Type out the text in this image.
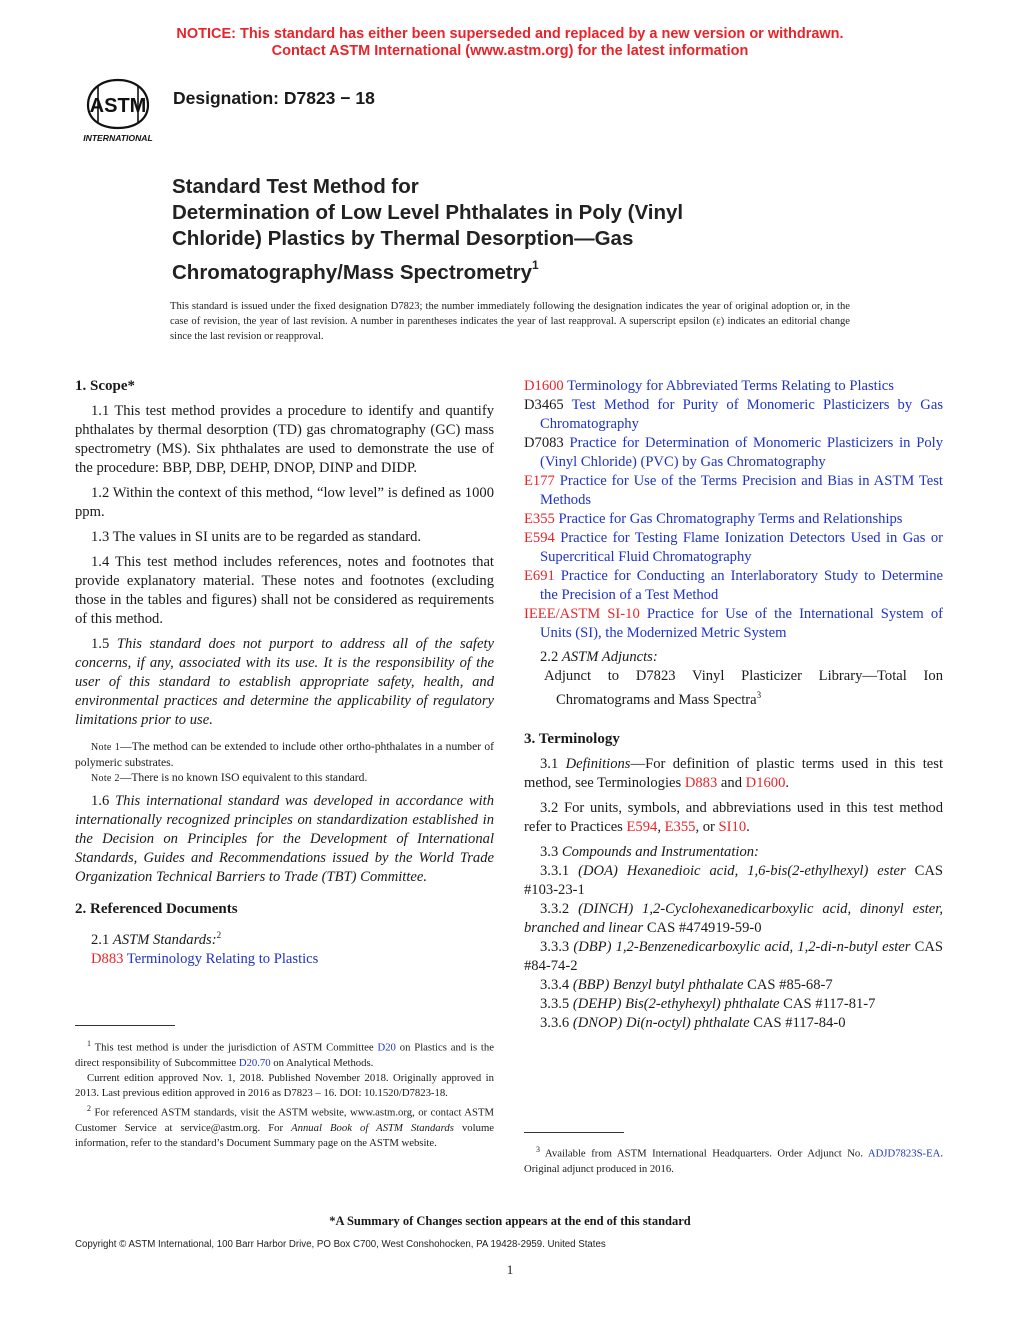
NOTICE: This standard has either been superseded and replaced by a new version or withdrawn.
Contact ASTM International (www.astm.org) for the latest information
ASTM
INTERNATIONAL
Designation: D7823 − 18
Standard Test Method for
Determination of Low Level Phthalates in Poly (Vinyl
Chloride) Plastics by Thermal Desorption—Gas
Chromatography/Mass Spectrometry$^1$
This standard is issued under the fixed designation D7823; the number immediately following the designation indicates the year of original adoption or, in the case of revision, the year of last revision. A number in parentheses indicates the year of last reapproval. A superscript epsilon (ε) indicates an editorial change since the last revision or reapproval.

1. Scope*

1.1 This test method provides a procedure to identify and quantify phthalates by thermal desorption (TD) gas chromatography (GC) mass spectrometry (MS). Six phthalates are used to demonstrate the use of the procedure: BBP, DBP, DEHP, DNOP, DINP and DIDP.

1.2 Within the context of this method, “low level” is defined as 1000 ppm.

1.3 The values in SI units are to be regarded as standard.

1.4 This test method includes references, notes and footnotes that provide explanatory material. These notes and footnotes (excluding those in the tables and figures) shall not be considered as requirements of this method.

1.5 This standard does not purport to address all of the safety concerns, if any, associated with its use. It is the responsibility of the user of this standard to establish appropriate safety, health, and environmental practices and determine the applicability of regulatory limitations prior to use.

Note 1—The method can be extended to include other ortho-phthalates in a number of polymeric substrates.

Note 2—There is no known ISO equivalent to this standard.

1.6 This international standard was developed in accordance with internationally recognized principles on standardization established in the Decision on Principles for the Development of International Standards, Guides and Recommendations issued by the World Trade Organization Technical Barriers to Trade (TBT) Committee.

2. Referenced Documents

2.1 ASTM Standards:$^2$

D883 Terminology Relating to Plastics

$^1$ This test method is under the jurisdiction of ASTM Committee D20 on Plastics and is the direct responsibility of Subcommittee D20.70 on Analytical Methods.
Current edition approved Nov. 1, 2018. Published November 2018. Originally approved in 2013. Last previous edition approved in 2016 as D7823 – 16. DOI: 10.1520/D7823-18.
$^2$ For referenced ASTM standards, visit the ASTM website, www.astm.org, or contact ASTM Customer Service at service@astm.org. For Annual Book of ASTM Standards volume information, refer to the standard’s Document Summary page on the ASTM website.

D1600 Terminology for Abbreviated Terms Relating to Plastics

D3465 Test Method for Purity of Monomeric Plasticizers by Gas Chromatography

D7083 Practice for Determination of Monomeric Plasticizers in Poly (Vinyl Chloride) (PVC) by Gas Chromatography

E177 Practice for Use of the Terms Precision and Bias in ASTM Test Methods

E355 Practice for Gas Chromatography Terms and Relationships

E594 Practice for Testing Flame Ionization Detectors Used in Gas or Supercritical Fluid Chromatography

E691 Practice for Conducting an Interlaboratory Study to Determine the Precision of a Test Method

IEEE/ASTM SI-10 Practice for Use of the International System of Units (SI), the Modernized Metric System

2.2 ASTM Adjuncts:

Adjunct to D7823 Vinyl Plasticizer Library—Total Ion Chromatograms and Mass Spectra$^3$

3. Terminology

3.1 Definitions—For definition of plastic terms used in this test method, see Terminologies D883 and D1600.

3.2 For units, symbols, and abbreviations used in this test method refer to Practices E594, E355, or SI10.

3.3 Compounds and Instrumentation:

3.3.1 (DOA) Hexanedioic acid, 1,6-bis(2-ethylhexyl) ester CAS #103-23-1

3.3.2 (DINCH) 1,2-Cyclohexanedicarboxylic acid, dinonyl ester, branched and linear CAS #474919-59-0

3.3.3 (DBP) 1,2-Benzenedicarboxylic acid, 1,2-di-n-butyl ester CAS #84-74-2

3.3.4 (BBP) Benzyl butyl phthalate CAS #85-68-7

3.3.5 (DEHP) Bis(2-ethyhexyl) phthalate CAS #117-81-7

3.3.6 (DNOP) Di(n-octyl) phthalate CAS #117-84-0

$^3$ Available from ASTM International Headquarters. Order Adjunct No. ADJD7823S-EA. Original adjunct produced in 2016.
*A Summary of Changes section appears at the end of this standard
Copyright © ASTM International, 100 Barr Harbor Drive, PO Box C700, West Conshohocken, PA 19428-2959. United States
1
